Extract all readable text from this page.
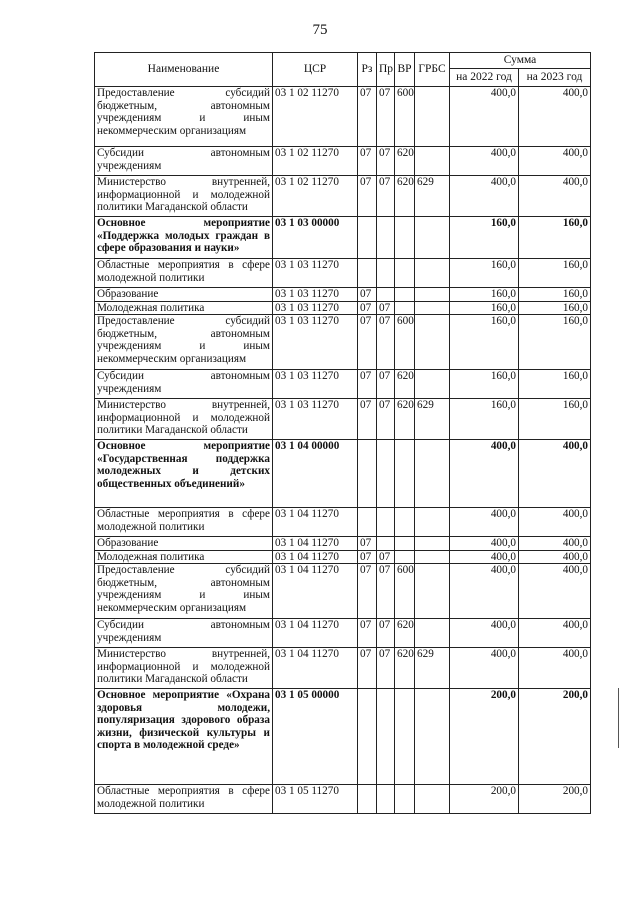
75
Наименование	ЦСР	Рз	Пр	ВР	ГРБС	Сумма	
						на 2022 год	на 2023 год
Предоставление субсидий бюджетным, автономным учреждениям и иным некоммерческим организациям	03 1 02 11270	07	07	600		400,0	400,0
Субсидии автономным учреждениям	03 1 02 11270	07	07	620		400,0	400,0
Министерство внутренней, информационной и молодежной политики Магаданской области	03 1 02 11270	07	07	620	629	400,0	400,0
Основное мероприятие «Поддержка молодых граждан в сфере образования и науки»	03 1 03 00000					160,0	160,0
Областные мероприятия в сфере молодежной политики	03 1 03 11270					160,0	160,0
Образование	03 1 03 11270	07				160,0	160,0
Молодежная политика	03 1 03 11270	07	07			160,0	160,0
Предоставление субсидий бюджетным, автономным учреждениям и иным некоммерческим организациям	03 1 03 11270	07	07	600		160,0	160,0
Субсидии автономным учреждениям	03 1 03 11270	07	07	620		160,0	160,0
Министерство внутренней, информационной и молодежной политики Магаданской области	03 1 03 11270	07	07	620	629	160,0	160,0
Основное мероприятие «Государственная поддержка молодежных и детских общественных объединений»	03 1 04 00000					400,0	400,0
Областные мероприятия в сфере молодежной политики	03 1 04 11270					400,0	400,0
Образование	03 1 04 11270	07				400,0	400,0
Молодежная политика	03 1 04 11270	07	07			400,0	400,0
Предоставление субсидий бюджетным, автономным учреждениям и иным некоммерческим организациям	03 1 04 11270	07	07	600		400,0	400,0
Субсидии автономным учреждениям	03 1 04 11270	07	07	620		400,0	400,0
Министерство внутренней, информационной и молодежной политики Магаданской области	03 1 04 11270	07	07	620	629	400,0	400,0
Основное мероприятие «Охрана здоровья молодежи, популяризация здорового образа жизни, физической культуры и спорта в молодежной среде»	03 1 05 00000					200,0	200,0
Областные мероприятия в сфере молодежной политики	03 1 05 11270					200,0	200,0
